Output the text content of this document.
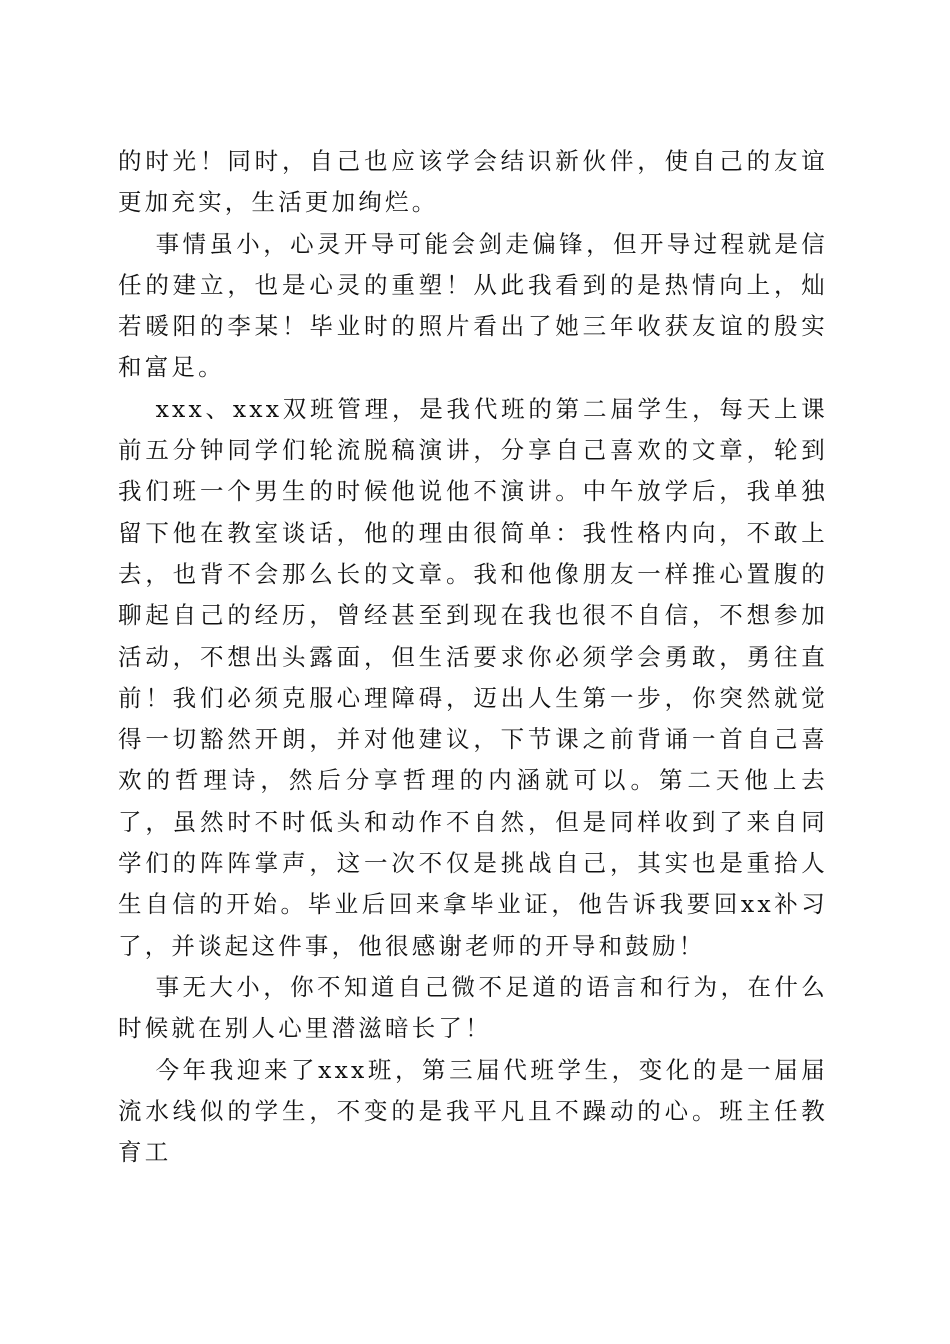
的时光！同时，自己也应该学会结识新伙伴，使自己的友谊更加充实，生活更加绚烂。

事情虽小，心灵开导可能会剑走偏锋，但开导过程就是信任的建立，也是心灵的重塑！从此我看到的是热情向上，灿若暖阳的李某！毕业时的照片看出了她三年收获友谊的殷实和富足。

xxx、xxx双班管理，是我代班的第二届学生，每天上课前五分钟同学们轮流脱稿演讲，分享自己喜欢的文章，轮到我们班一个男生的时候他说他不演讲。中午放学后，我单独留下他在教室谈话，他的理由很简单：我性格内向，不敢上去，也背不会那么长的文章。我和他像朋友一样推心置腹的聊起自己的经历，曾经甚至到现在我也很不自信，不想参加活动，不想出头露面，但生活要求你必须学会勇敢，勇往直前！我们必须克服心理障碍，迈出人生第一步，你突然就觉得一切豁然开朗，并对他建议，下节课之前背诵一首自己喜欢的哲理诗，然后分享哲理的内涵就可以。第二天他上去了，虽然时不时低头和动作不自然，但是同样收到了来自同学们的阵阵掌声，这一次不仅是挑战自己，其实也是重拾人生自信的开始。毕业后回来拿毕业证，他告诉我要回xx补习了，并谈起这件事，他很感谢老师的开导和鼓励！

事无大小，你不知道自己微不足道的语言和行为，在什么时候就在别人心里潜滋暗长了！

今年我迎来了xxx班，第三届代班学生，变化的是一届届流水线似的学生，不变的是我平凡且不躁动的心。班主任教育工
